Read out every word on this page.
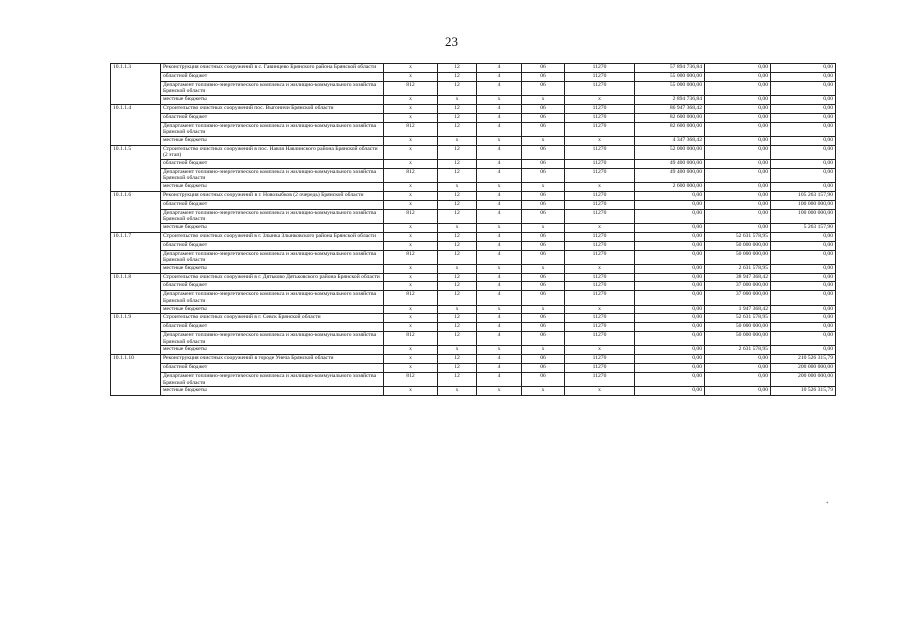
23
10.1.1.3	Реконструкция очистных сооружений в с. Гавинцево Брянского района Брянской области	x	12	4	06	11270	57 894 736,84	0,00	0,00
	областной бюджет	x	12	4	06	11270	55 000 000,00	0,00	0,00
	Департамент топливно-энергетического комплекса и жилищно-коммунального хозяйства Брянской области	812	12	4	06	11270	55 000 000,00	0,00	0,00
	местные бюджеты	x	x	x	x	x	2 894 736,84	0,00	0,00
10.1.1.4	Строительство очистных сооружений пос. Выгоничи Брянской области	x	12	4	06	11270	86 947 368,42	0,00	0,00
	областной бюджет	x	12	4	06	11270	82 600 000,00	0,00	0,00
	Департамент топливно-энергетического комплекса и жилищно-коммунального хозяйства Брянской области	812	12	4	06	11270	82 600 000,00	0,00	0,00
	местные бюджеты	x	x	x	x	x	4 347 368,42	0,00	0,00
10.1.1.5	Строительство очистных сооружений в пос. Навля Навлинского района Брянской области (2 этап)	x	12	4	06	11270	52 000 000,00	0,00	0,00
	областной бюджет	x	12	4	06	11270	49 400 000,00	0,00	0,00
	Департамент топливно-энергетического комплекса и жилищно-коммунального хозяйства Брянской области	812	12	4	06	11270	49 400 000,00	0,00	0,00
	местные бюджеты	x	x	x	x	x	2 600 000,00	0,00	0,00
10.1.1.6	Реконструкция очистных сооружений в г. Новозыбков (2 очередь) Брянской области	x	12	4	06	11270	0,00	0,00	105 263 157,90
	областной бюджет	x	12	4	06	11270	0,00	0,00	100 000 000,00
	Департамент топливно-энергетического комплекса и жилищно-коммунального хозяйства Брянской области	812	12	4	06	11270	0,00	0,00	100 000 000,00
	местные бюджеты	x	x	x	x	x	0,00	0,00	5 263 157,90
10.1.1.7	Строительство очистных сооружений в г. Злынка Злынковского района Брянской области	x	12	4	06	11270	0,00	52 631 578,95	0,00
	областной бюджет	x	12	4	06	11270	0,00	50 000 000,00	0,00
	Департамент топливно-энергетического комплекса и жилищно-коммунального хозяйства Брянской области	812	12	4	06	11270	0,00	50 000 000,00	0,00
	местные бюджеты	x	x	x	x	x	0,00	2 631 578,95	0,00
10.1.1.8	Строительство очистных сооружений в г. Дятьково Дятьковского района Брянской области	x	12	4	06	11270	0,00	38 947 368,42	0,00
	областной бюджет	x	12	4	06	11270	0,00	37 000 000,00	0,00
	Департамент топливно-энергетического комплекса и жилищно-коммунального хозяйства Брянской области	812	12	4	06	11270	0,00	37 000 000,00	0,00
	местные бюджеты	x	x	x	x	x	0,00	1 947 368,42	0,00
10.1.1.9	Строительство очистных сооружений в г. Севск Брянской области	x	12	4	06	11270	0,00	52 631 578,95	0,00
	областной бюджет	x	12	4	06	11270	0,00	50 000 000,00	0,00
	Департамент топливно-энергетического комплекса и жилищно-коммунального хозяйства Брянской области	812	12	4	06	11270	0,00	50 000 000,00	0,00
	местные бюджеты	x	x	x	x	x	0,00	2 631 578,95	0,00
10.1.1.10	Реконструкция очистных сооружений в городе Унеча Брянской области	x	12	4	06	11270	0,00	0,00	210 526 315,79
	областной бюджет	x	12	4	06	11270	0,00	0,00	200 000 000,00
	Департамент топливно-энергетического комплекса и жилищно-коммунального хозяйства Брянской области	812	12	4	06	11270	0,00	0,00	200 000 000,00
	местные бюджеты	x	x	x	x	x	0,00	0,00	10 526 315,79
*
